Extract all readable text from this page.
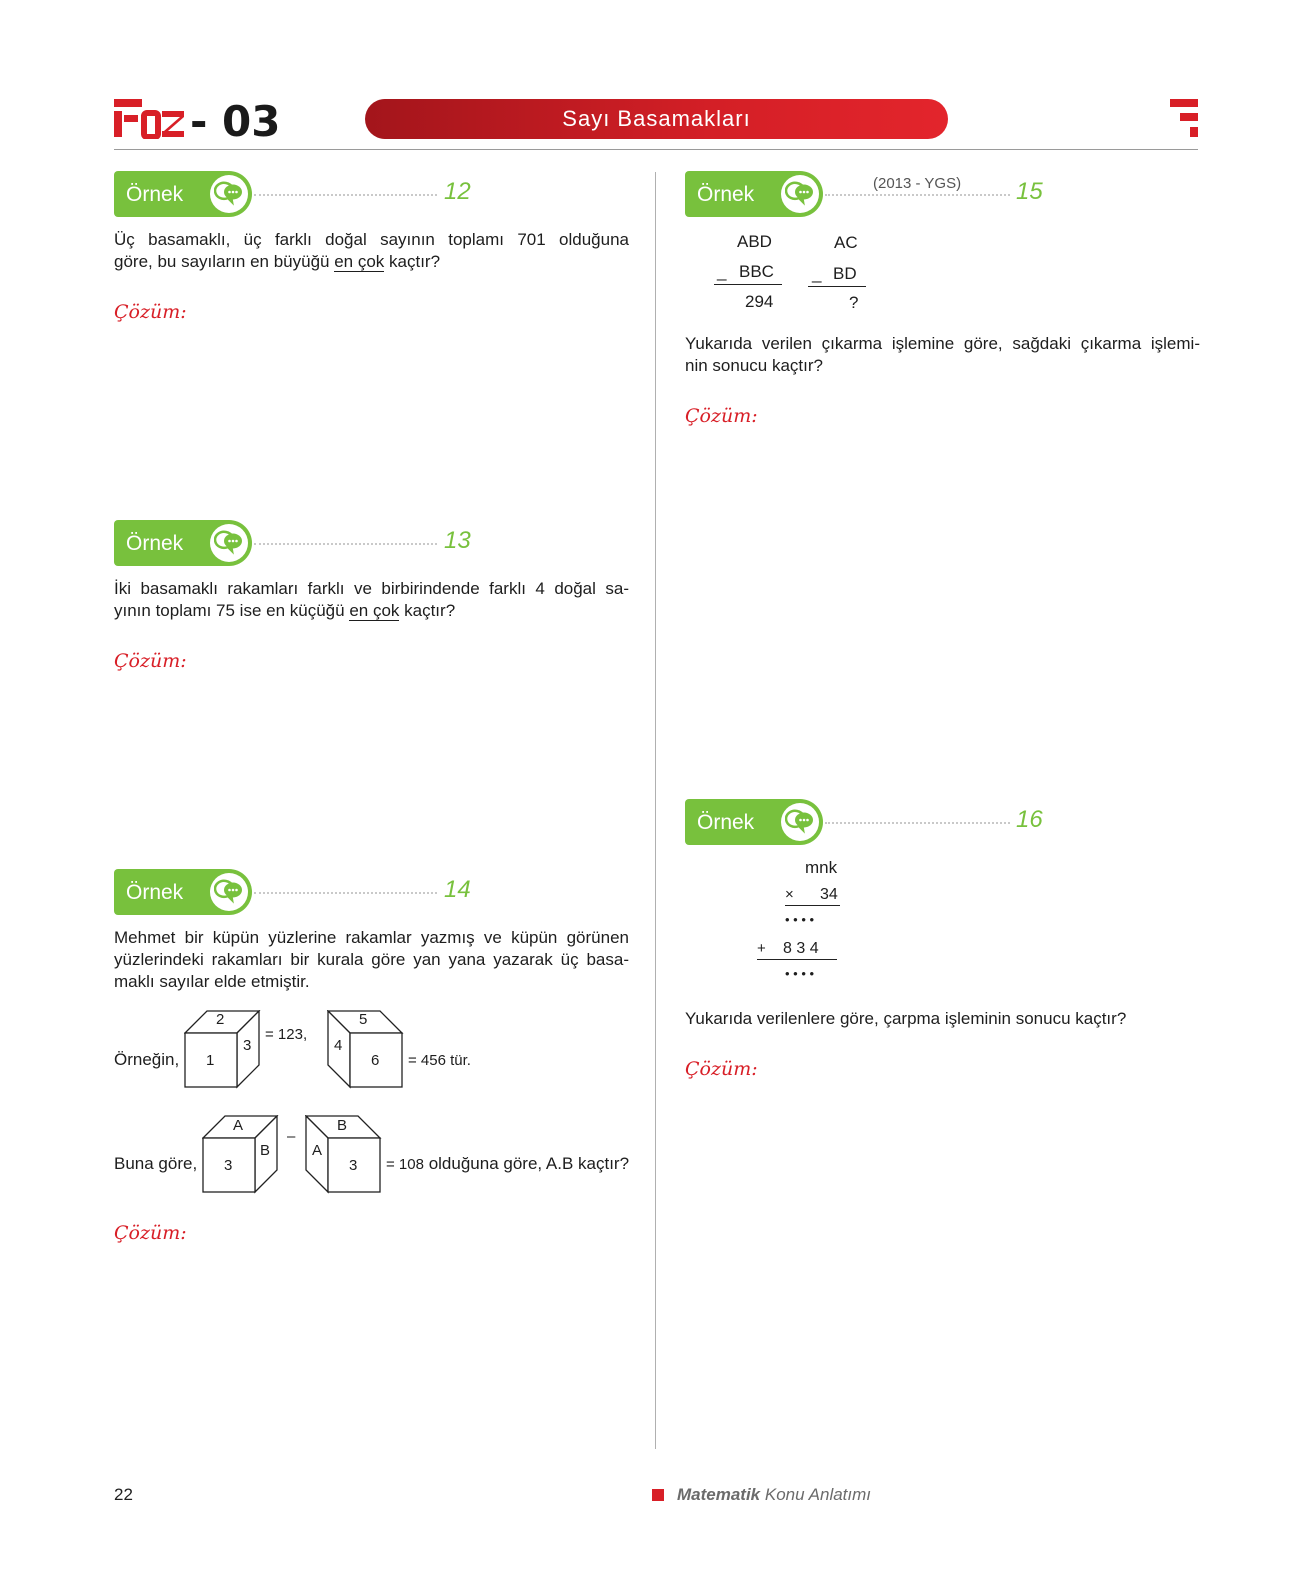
- 03	Sayı Basamakları
Örnek	12
Üç basamaklı, üç farklı doğal sayının toplamı 701 olduğuna
göre, bu sayıların en büyüğü en çok kaçtır?
Çözüm:
Örnek	13
İki basamaklı rakamları farklı ve birbirindende farklı 4 doğal sa-
yının toplamı 75 ise en küçüğü en çok kaçtır?
Çözüm:
Örnek	14
Mehmet bir küpün yüzlerine rakamlar yazmış ve küpün görünen
yüzlerindeki rakamları bir kurala göre yan yana yazarak üç basa-
maklı sayılar elde etmiştir.
Örneğin,
2
1
3
= 123,
5
4
6 = 456 tür.
Buna göre,
A
3
B
–
B
A
3 = 108 olduğuna göre, A.B kaçtır?
Çözüm:
Örnek	(2013 - YGS) 15
ABD
_ BBC
294
AC
_ BD
?
Yukarıda verilen çıkarma işlemine göre, sağdaki çıkarma işlemi-
nin sonucu kaçtır?
Çözüm:
Örnek	16
mnk
× 34
• • • •
+ 8 3 4
• • • •
Yukarıda verilenlere göre, çarpma işleminin sonucu kaçtır?
Çözüm:
22	Matematik Konu Anlatımı
